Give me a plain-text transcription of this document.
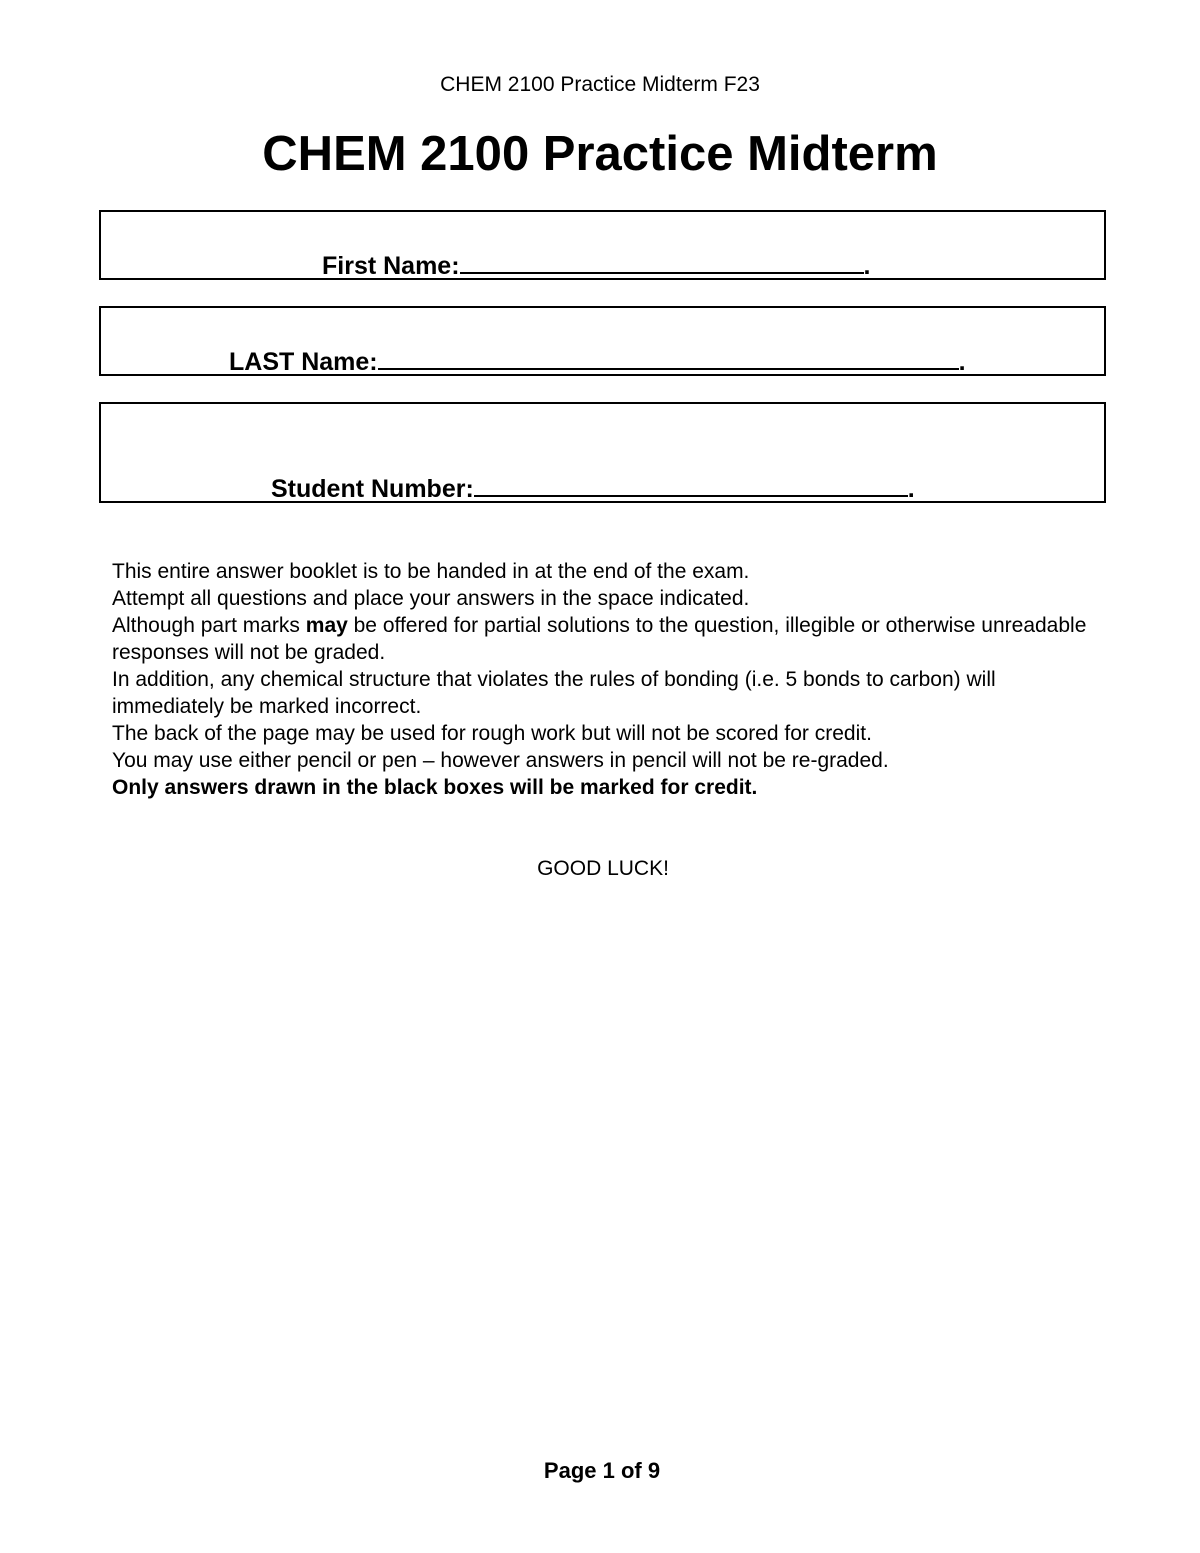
CHEM 2100 Practice Midterm F23
CHEM 2100 Practice Midterm
First Name:	.
LAST Name:	.
Student Number:	.

This entire answer booklet is to be handed in at the end of the exam.

Attempt all questions and place your answers in the space indicated.

Although part marks may be offered for partial solutions to the question, illegible or otherwise unreadable responses will not be graded.

In addition, any chemical structure that violates the rules of bonding (i.e. 5 bonds to carbon) will immediately be marked incorrect.

The back of the page may be used for rough work but will not be scored for credit.

You may use either pencil or pen – however answers in pencil will not be re-graded.

Only answers drawn in the black boxes will be marked for credit.

GOOD LUCK!
Page 1 of 9
